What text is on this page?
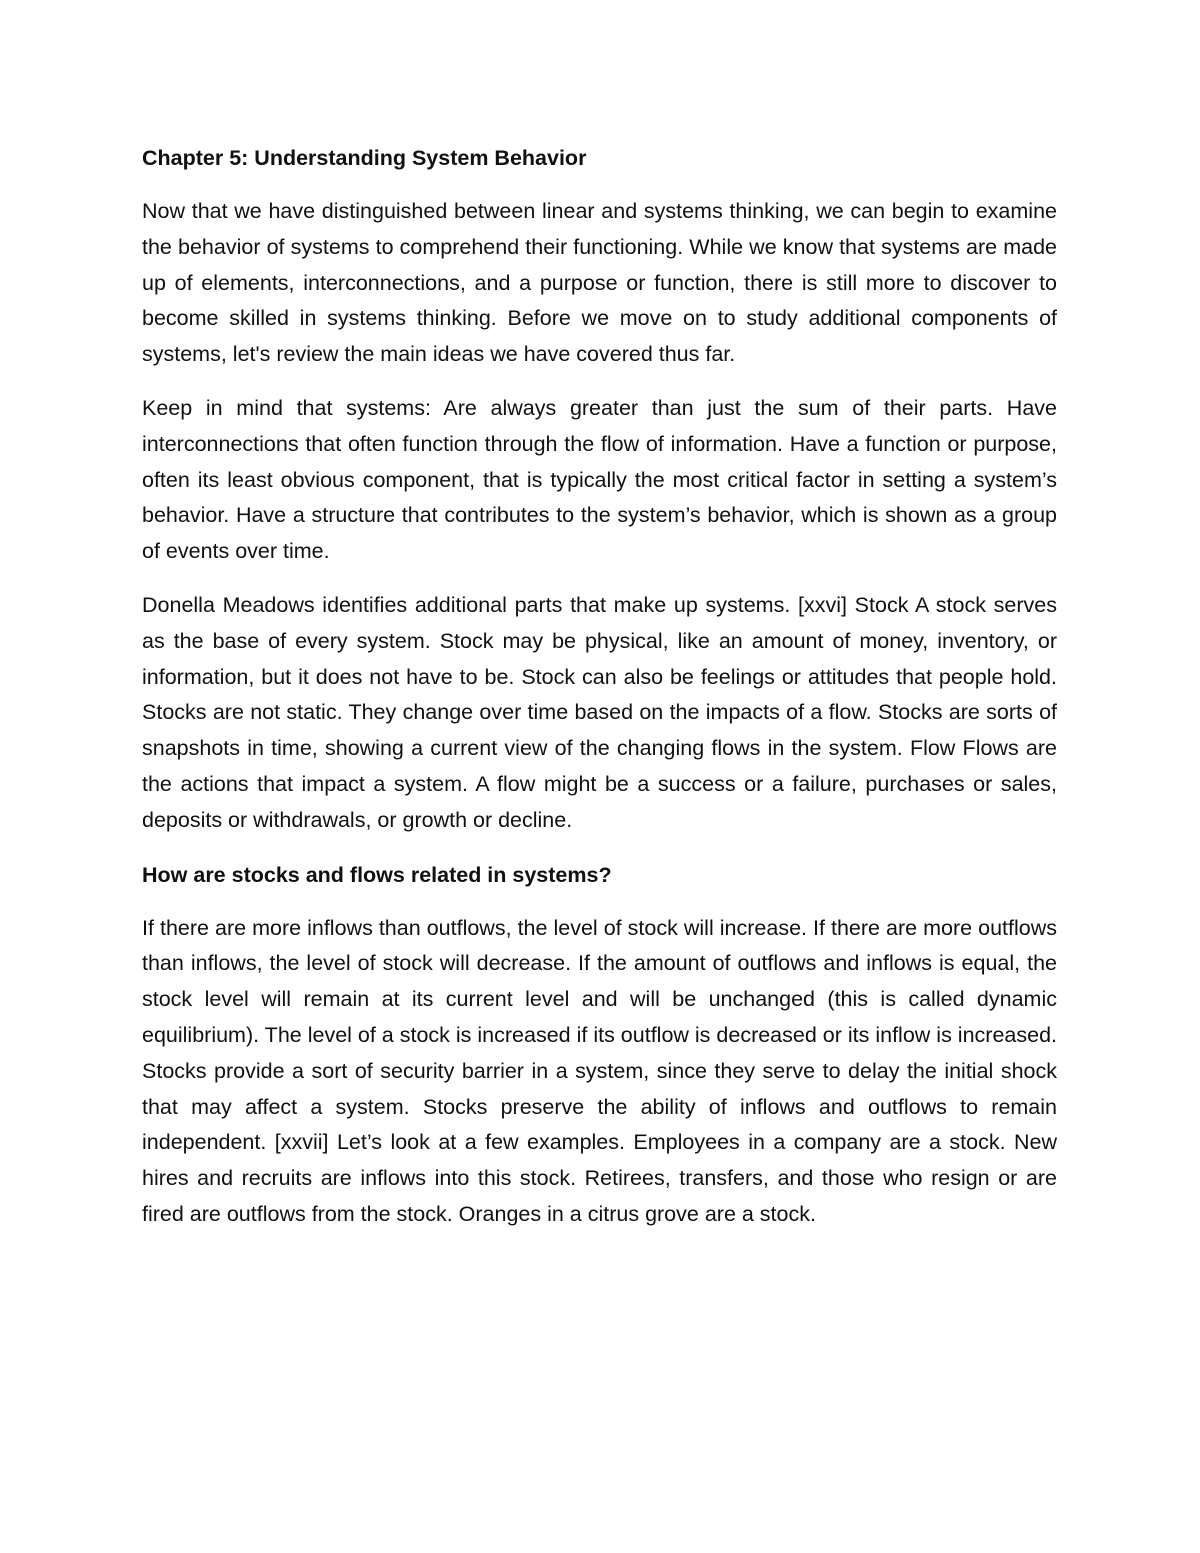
Chapter 5: Understanding System Behavior

Now that we have distinguished between linear and systems thinking, we can begin to examine the behavior of systems to comprehend their functioning. While we know that systems are made up of elements, interconnections, and a purpose or function, there is still more to discover to become skilled in systems thinking. Before we move on to study additional components of systems, let's review the main ideas we have covered thus far.

Keep in mind that systems: Are always greater than just the sum of their parts. Have interconnections that often function through the flow of information. Have a function or purpose, often its least obvious component, that is typically the most critical factor in setting a system’s behavior. Have a structure that contributes to the system’s behavior, which is shown as a group of events over time.

Donella Meadows identifies additional parts that make up systems. [xxvi] Stock A stock serves as the base of every system. Stock may be physical, like an amount of money, inventory, or information, but it does not have to be. Stock can also be feelings or attitudes that people hold. Stocks are not static. They change over time based on the impacts of a flow. Stocks are sorts of snapshots in time, showing a current view of the changing flows in the system. Flow Flows are the actions that impact a system. A flow might be a success or a failure, purchases or sales, deposits or withdrawals, or growth or decline.

How are stocks and flows related in systems?

If there are more inflows than outflows, the level of stock will increase. If there are more outflows than inflows, the level of stock will decrease. If the amount of outflows and inflows is equal, the stock level will remain at its current level and will be unchanged (this is called dynamic equilibrium). The level of a stock is increased if its outflow is decreased or its inflow is increased. Stocks provide a sort of security barrier in a system, since they serve to delay the initial shock that may affect a system. Stocks preserve the ability of inflows and outflows to remain independent. [xxvii] Let’s look at a few examples. Employees in a company are a stock. New hires and recruits are inflows into this stock. Retirees, transfers, and those who resign or are fired are outflows from the stock. Oranges in a citrus grove are a stock.
